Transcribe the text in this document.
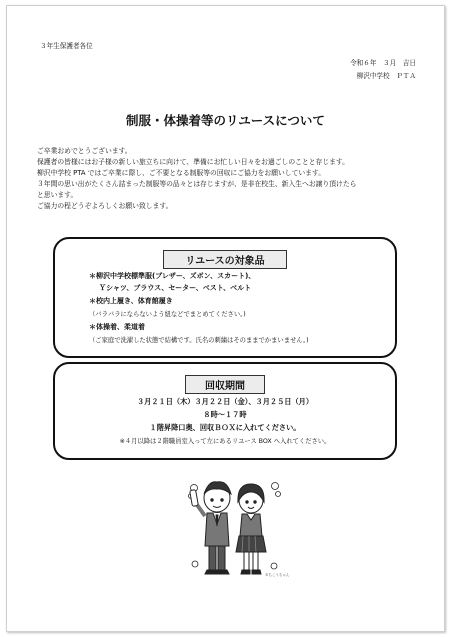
３年生保護者各位
令和６年　３月　吉日
柳沢中学校　ＰＴＡ
制服・体操着等のリユースについて
ご卒業おめでとうございます。
保護者の皆様にはお子様の新しい旅立ちに向けて、準備にお忙しい日々をお過ごしのことと存じます。
柳沢中学校 PTA ではご卒業に際し、ご不要となる制服等の回収にご協力をお願いしています。
３年間の思い出がたくさん詰まった制服等の品々とは存じますが、是非在校生、新入生へお譲り頂けたら
と思います。
ご協力の程どうぞよろしくお願い致します。
リユースの対象品
＊柳沢中学校標準服(ブレザー、ズボン、スカート)、
Ｙシャツ、ブラウス、セーター、ベスト、ベルト
＊校内上履き、体育館履き
（バラバラにならないよう紐などでまとめてください。)
＊体操着、柔道着
（ご家庭で洗濯した状態で結構です。氏名の刺繍はそのままでかまいません。)
回収期間
３月２１日（木）３月２２日（金）、３月２５日（月）
８時～１７時
１階昇降口奥、回収ＢＯＸに入れてください。
※４月以降は２階職員室入って左にあるリユース BOX へ入れてください。
©ちこうちゃん
